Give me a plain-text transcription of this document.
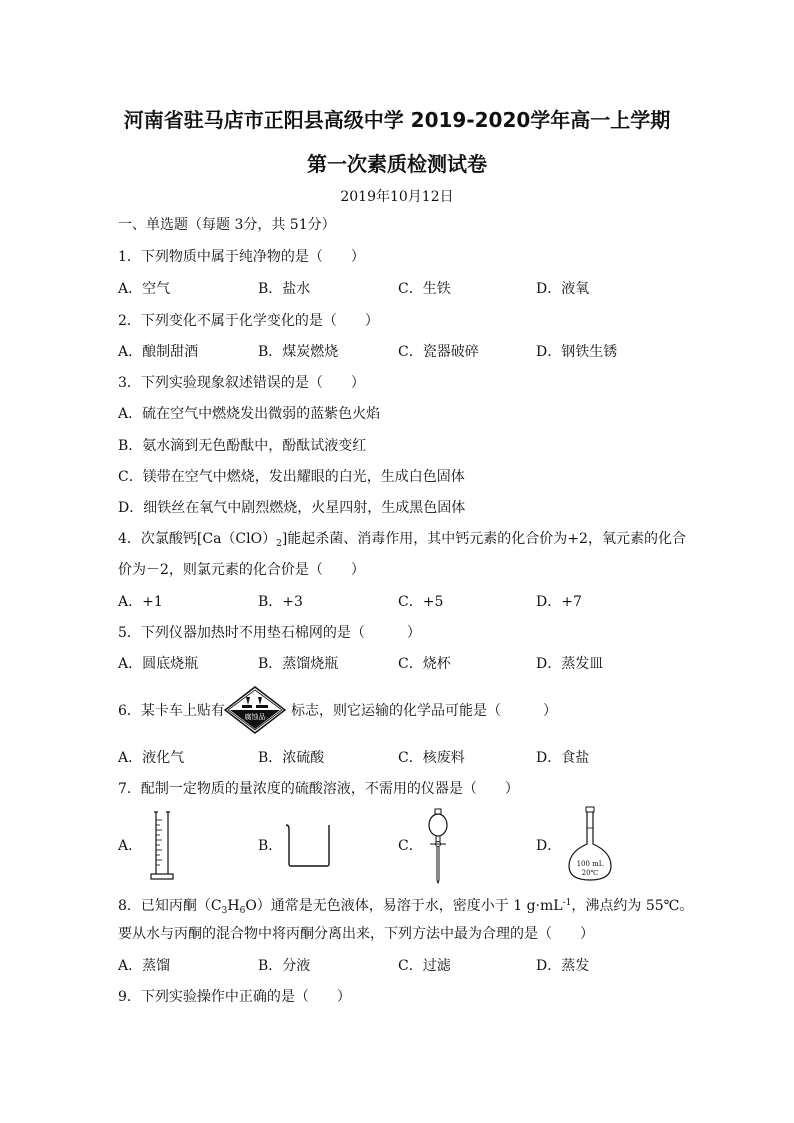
河南省驻马店市正阳县高级中学 2019-2020学年高一上学期
第一次素质检测试卷
2019年10月12日
一、单选题（每题 3分，共 51分）
1．下列物质中属于纯净物的是（　　）
A．空气	B．盐水	C．生铁	D．液氧
2．下列变化不属于化学变化的是（　　）
A．酿制甜酒	B．煤炭燃烧	C．瓷器破碎	D．钢铁生锈
3．下列实验现象叙述错误的是（　　）
A．硫在空气中燃烧发出微弱的蓝紫色火焰
B．氨水滴到无色酚酞中，酚酞试液变红
C．镁带在空气中燃烧，发出耀眼的白光，生成白色固体
D．细铁丝在氧气中剧烈燃烧，火星四射，生成黑色固体
4．次氯酸钙$[Ca(ClO)_2]$能起杀菌、消毒作用，其中钙元素的化合价为+2，氧元素的化合
价为－2，则氯元素的化合价是（　　）
A．+1	B．+3	C．+5	D．+7
5．下列仪器加热时不用垫石棉网的是（　　　）
A．圆底烧瓶	B．蒸馏烧瓶	C．烧杯	D．蒸发皿
6．某卡车上贴有	腐蚀品 标志，则它运输的化学品可能是（　　　）
A．液化气	B．浓硫酸	C．核废料	D．食盐
7．配制一定物质的量浓度的硫酸溶液，不需用的仪器是（　　）
A．	B．	C．	D．
100 mL
20℃
8．已知丙酮$(C_3H_6O)$通常是无色液体，易溶于水，密度小于 1 $g\cdot mL^{-1}$，沸点约为 55℃。
要从水与丙酮的混合物中将丙酮分离出来，下列方法中最为合理的是（　　）
A．蒸馏	B．分液	C．过滤	D．蒸发
9．下列实验操作中正确的是（　　）
